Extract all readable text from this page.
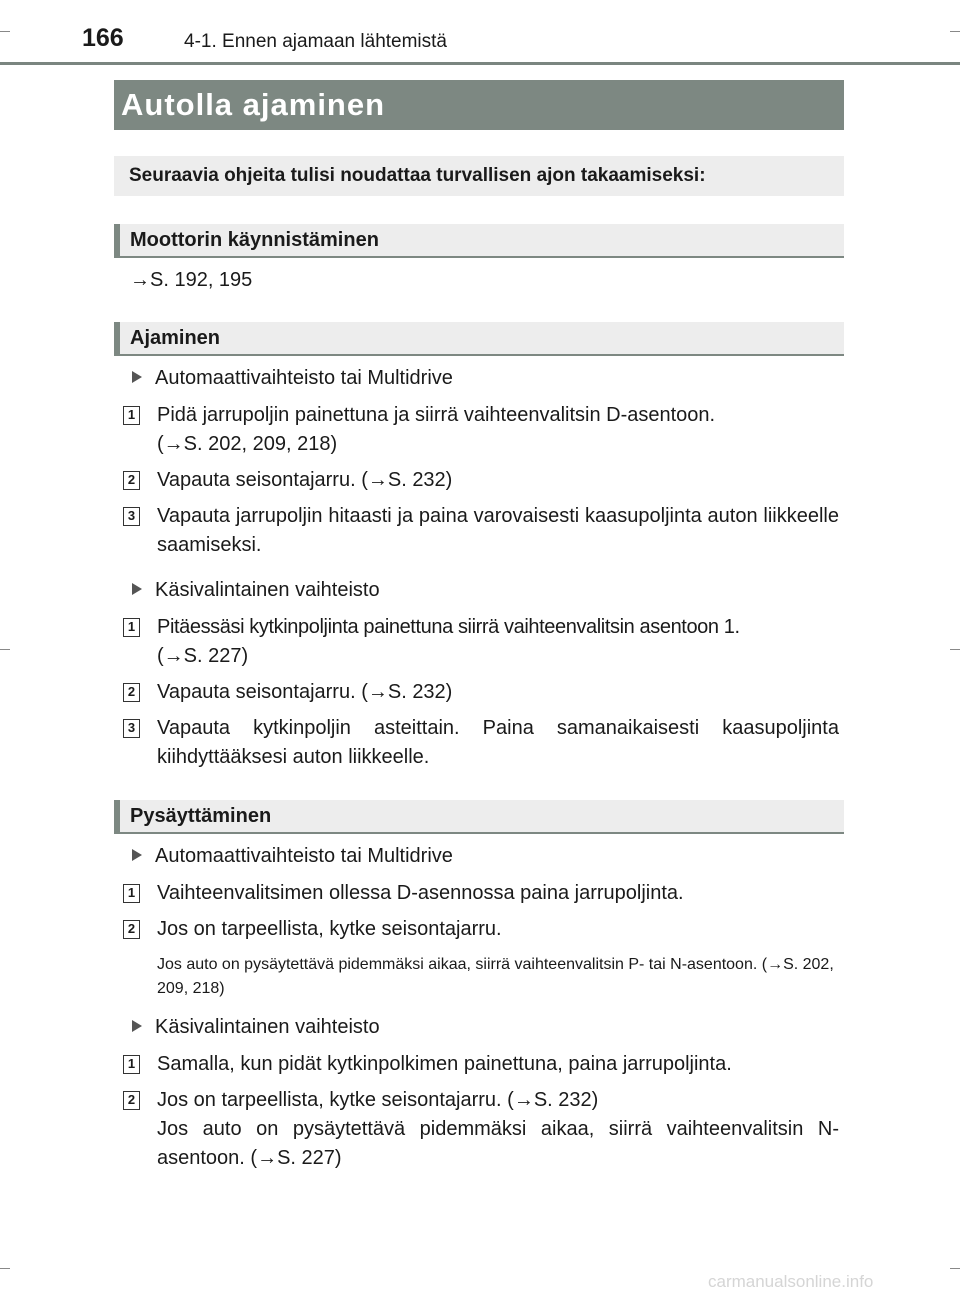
166	4-1. Ennen ajamaan lähtemistä
Autolla ajaminen
Seuraavia ohjeita tulisi noudattaa turvallisen ajon takaamiseksi:
Moottorin käynnistäminen
→S. 192, 195
Ajaminen
Automaattivaihteisto tai Multidrive
1 Pidä jarrupoljin painettuna ja siirrä vaihteenvalitsin D-asentoon.
(→S. 202, 209, 218)
2 Vapauta seisontajarru. (→S. 232)
3 Vapauta jarrupoljin hitaasti ja paina varovaisesti kaasupoljinta auton liikkeelle saamiseksi.
Käsivalintainen vaihteisto
1 Pitäessäsi kytkinpoljinta painettuna siirrä vaihteenvalitsin asentoon 1.
(→S. 227)
2 Vapauta seisontajarru. (→S. 232)
3 Vapauta kytkinpoljin asteittain. Paina samanaikaisesti kaasupoljinta kiihdyttääksesi auton liikkeelle.
Pysäyttäminen
Automaattivaihteisto tai Multidrive
1 Vaihteenvalitsimen ollessa D-asennossa paina jarrupoljinta.
2 Jos on tarpeellista, kytke seisontajarru.
Jos auto on pysäytettävä pidemmäksi aikaa, siirrä vaihteenvalitsin P- tai N-asentoon. (→S. 202, 209, 218)
Käsivalintainen vaihteisto
1 Samalla, kun pidät kytkinpolkimen painettuna, paina jarrupoljinta.
2 Jos on tarpeellista, kytke seisontajarru. (→S. 232)
Jos auto on pysäytettävä pidemmäksi aikaa, siirrä vaihteenvalitsin N-asentoon. (→S. 227)
carmanualsonline.info
